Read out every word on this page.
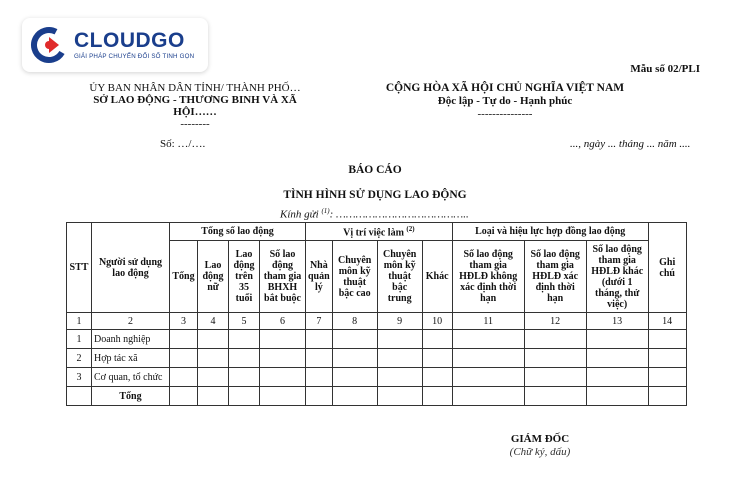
CLOUDGO
GIẢI PHÁP CHUYỂN ĐỔI SỐ TINH GỌN
Mẫu số 02/PLI
ỦY BAN NHÂN DÂN TỈNH/ THÀNH PHỐ…
SỞ LAO ĐỘNG - THƯƠNG BINH VÀ XÃ
HỘI……
--------
CỘNG HÒA XÃ HỘI CHỦ NGHĨA VIỆT NAM
Độc lập - Tự do - Hạnh phúc
---------------
Số: …/….	..., ngày ... tháng ... năm ....
BÁO CÁO
TÌNH HÌNH SỬ DỤNG LAO ĐỘNG
Kính gửi $^{(1)}$: …………………………………..
STT	Người sử dụng lao động	Tổng số lao động				Vị trí việc làm $^{(2)}$				Loại và hiệu lực hợp đồng lao động			Ghi chú
		Tổng	Lao động nữ	Lao động trên 35 tuổi	Số lao động tham gia BHXH bắt buộc	Nhà quản lý	Chuyên môn kỹ thuật bậc cao	Chuyên môn kỹ thuật bậc trung	Khác	Số lao động tham gia HĐLĐ không xác định thời hạn	Số lao động tham gia HĐLĐ xác định thời hạn	Số lao động tham gia HĐLĐ khác (dưới 1 tháng, thử việc)	
1	2	3	4	5	6	7	8	9	10	11	12	13	14
1	Doanh nghiệp												
2	Hợp tác xã												
3	Cơ quan, tổ chức												
	Tổng												
GIÁM ĐỐC
(Chữ ký, dấu)
